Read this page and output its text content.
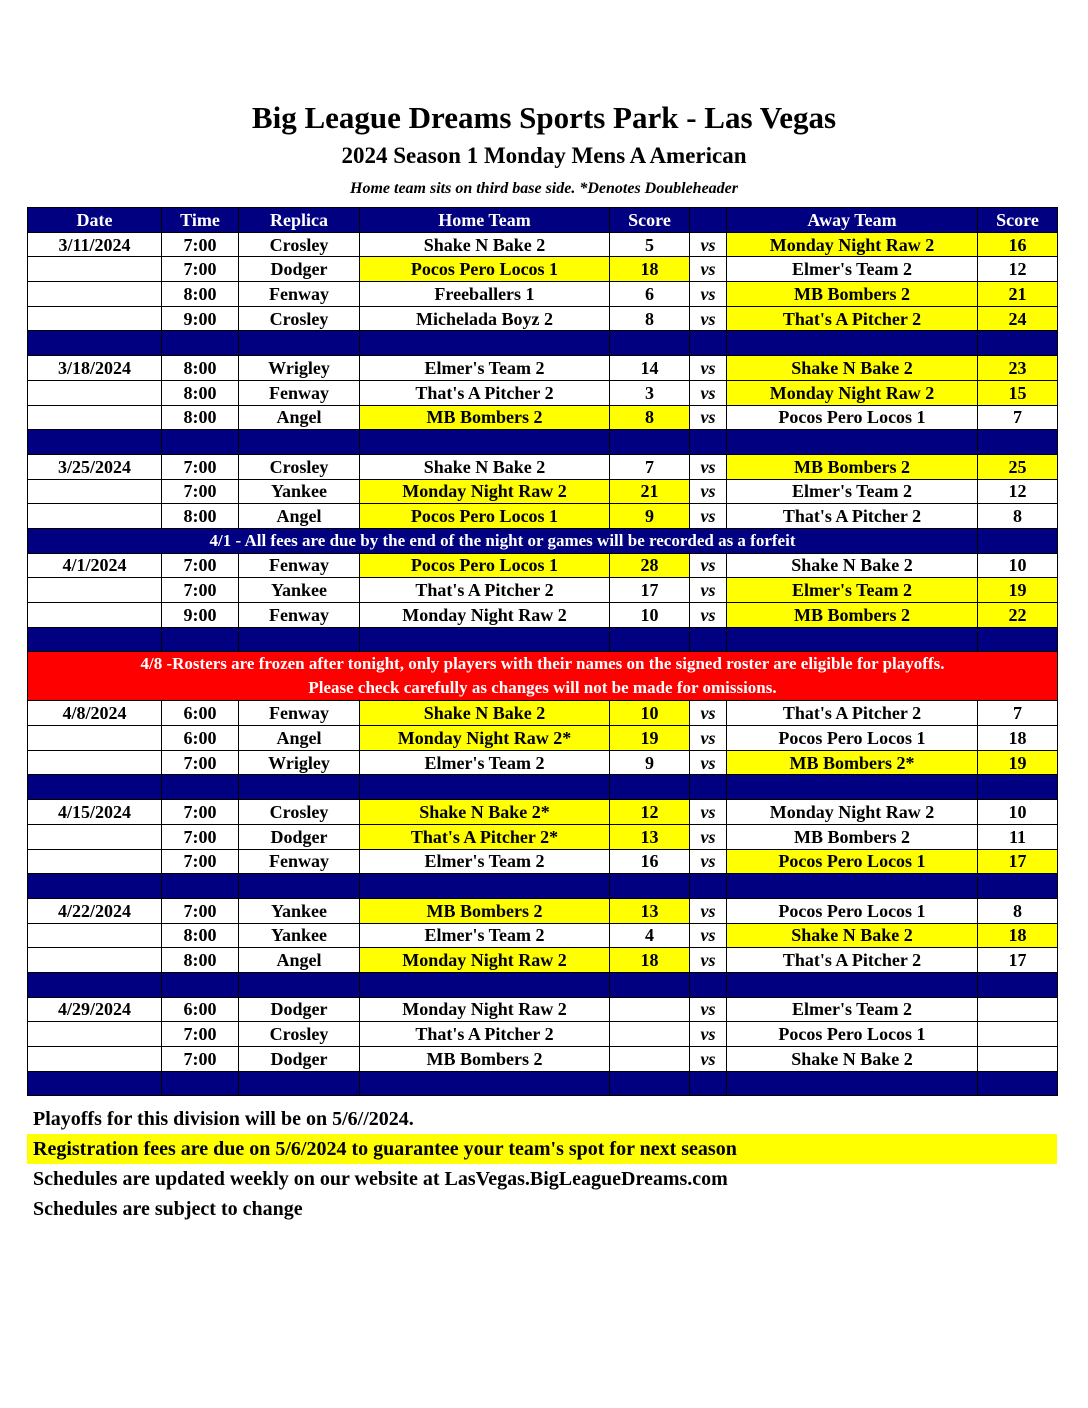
Big League Dreams Sports Park - Las Vegas
2024 Season 1 Monday Mens A American
Home team sits on third base side. *Denotes Doubleheader
Date	Time	Replica	Home Team	Score		Away Team	Score
3/11/2024	7:00	Crosley	Shake N Bake 2	5	vs	Monday Night Raw 2	16
	7:00	Dodger	Pocos Pero Locos 1	18	vs	Elmer's Team 2	12
	8:00	Fenway	Freeballers 1	6	vs	MB Bombers 2	21
	9:00	Crosley	Michelada Boyz 2	8	vs	That's A Pitcher 2	24

3/18/2024	8:00	Wrigley	Elmer's Team 2	14	vs	Shake N Bake 2	23
	8:00	Fenway	That's A Pitcher 2	3	vs	Monday Night Raw 2	15
	8:00	Angel	MB Bombers 2	8	vs	Pocos Pero Locos 1	7

3/25/2024	7:00	Crosley	Shake N Bake 2	7	vs	MB Bombers 2	25
	7:00	Yankee	Monday Night Raw 2	21	vs	Elmer's Team 2	12
	8:00	Angel	Pocos Pero Locos 1	9	vs	That's A Pitcher 2	8
4/1 - All fees are due by the end of the night or games will be recorded as a forfeit							
4/1/2024	7:00	Fenway	Pocos Pero Locos 1	28	vs	Shake N Bake 2	10
	7:00	Yankee	That's A Pitcher 2	17	vs	Elmer's Team 2	19
	9:00	Fenway	Monday Night Raw 2	10	vs	MB Bombers 2	22

4/8 -Rosters are frozen after tonight, only players with their names on the signed roster are eligible for playoffs.
Please check carefully as changes will not be made for omissions.							

4/8/2024	6:00	Fenway	Shake N Bake 2	10	vs	That's A Pitcher 2	7
	6:00	Angel	Monday Night Raw 2*	19	vs	Pocos Pero Locos 1	18
	7:00	Wrigley	Elmer's Team 2	9	vs	MB Bombers 2*	19

4/15/2024	7:00	Crosley	Shake N Bake 2*	12	vs	Monday Night Raw 2	10
	7:00	Dodger	That's A Pitcher 2*	13	vs	MB Bombers 2	11
	7:00	Fenway	Elmer's Team 2	16	vs	Pocos Pero Locos 1	17

4/22/2024	7:00	Yankee	MB Bombers 2	13	vs	Pocos Pero Locos 1	8
	8:00	Yankee	Elmer's Team 2	4	vs	Shake N Bake 2	18
	8:00	Angel	Monday Night Raw 2	18	vs	That's A Pitcher 2	17

4/29/2024	6:00	Dodger	Monday Night Raw 2		vs	Elmer's Team 2	
	7:00	Crosley	That's A Pitcher 2		vs	Pocos Pero Locos 1	
	7:00	Dodger	MB Bombers 2		vs	Shake N Bake 2	

Playoffs for this division will be on 5/6//2024.
Registration fees are due on 5/6/2024 to guarantee your team's spot for next season
Schedules are updated weekly on our website at LasVegas.BigLeagueDreams.com
Schedules are subject to change
